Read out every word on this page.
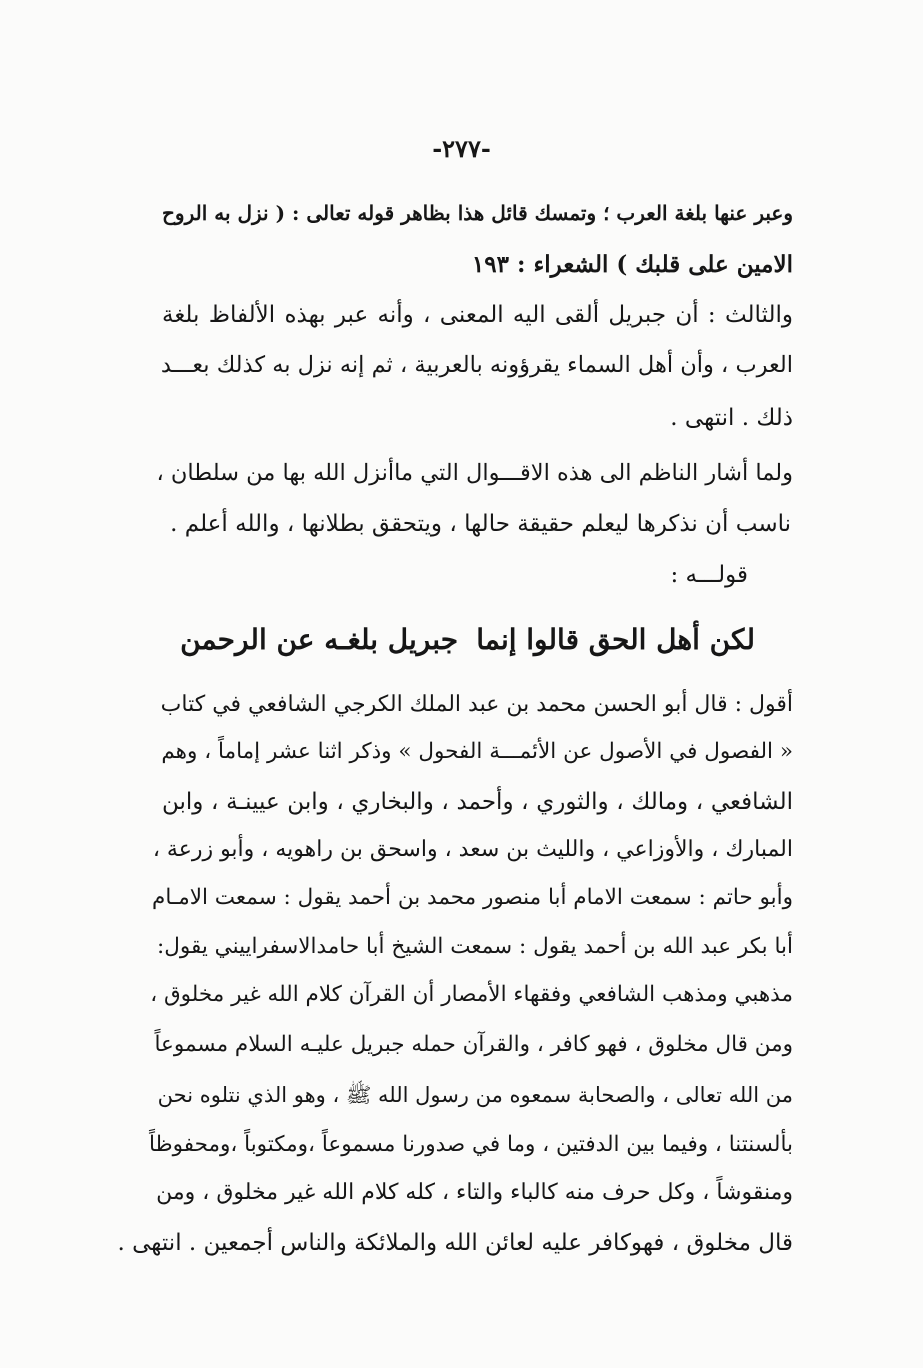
-٢٧٧-
وعبر عنها بلغة العرب ؛ وتمسك قائل هذا بظاهر قوله تعالى : ( نزل به الروح
الامين على قلبك ) الشعراء : ١٩٣
والثالث : أن جبريل ألقى اليه المعنى ، وأنه عبر بهذه الألفاظ بلغة
العرب ، وأن أهل السماء يقرؤونه بالعربية ، ثم إنه نزل به كذلك بعـــد
ذلك . انتهى .
ولما أشار الناظم الى هذه الاقـــوال التي ماأنزل الله بها من سلطان ،
ناسب أن نذكرها ليعلم حقيقة حالها ، ويتحقق بطلانها ، والله أعلم .
قولـــه :
لكن أهل الحق قالوا إنما
جبريل بلغـه عن الرحمن
أقول : قال أبو الحسن محمد بن عبد الملك الكرجي الشافعي في كتاب
« الفصول في الأصول عن الأئمـــة الفحول » وذكر اثنا عشر إماماً ، وهم
الشافعي ، ومالك ، والثوري ، وأحمد ، والبخاري ، وابن عيينـة ، وابن
المبارك ، والأوزاعي ، والليث بن سعد ، واسحق بن راهويه ، وأبو زرعة ،
وأبو حاتم : سمعت الامام أبا منصور محمد بن أحمد يقول : سمعت الامـام
أبا بكر عبد الله بن أحمد يقول : سمعت الشيخ أبا حامدالاسفراييني يقول:
مذهبي ومذهب الشافعي وفقهاء الأمصار أن القرآن كلام الله غير مخلوق ،
ومن قال مخلوق ، فهو كافر ، والقرآن حمله جبريل عليـه السلام مسموعاً
من الله تعالى ، والصحابة سمعوه من رسول الله ﷺ ، وهو الذي نتلوه نحن
بألسنتنا ، وفيما بين الدفتين ، وما في صدورنا مسموعاً ،ومكتوباً ،ومحفوظاً
ومنقوشاً ، وكل حرف منه كالباء والتاء ، كله كلام الله غير مخلوق ، ومن
قال مخلوق ، فهوكافر عليه لعائن الله والملائكة والناس أجمعين . انتهى .
